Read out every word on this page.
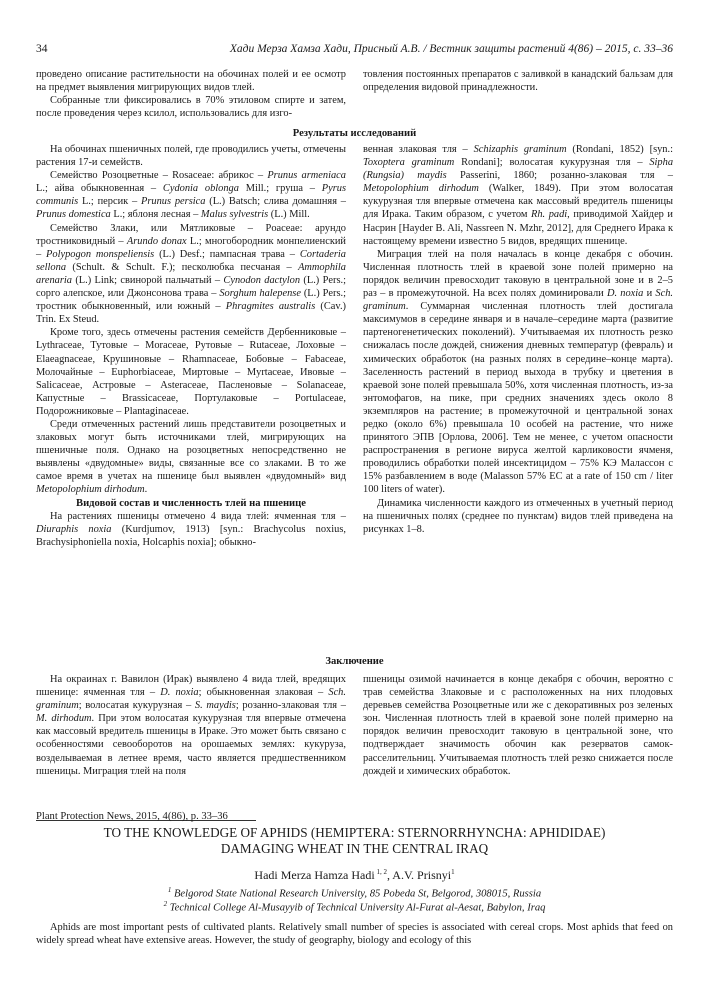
34	Хади Мерза Хамза Хади, Присный А.В. / Вестник защиты растений 4(86) – 2015, с. 33–36

проведено описание растительности на обочинах полей и ее осмотр на предмет выявления мигрирующих видов тлей.

Собранные тли фиксировались в 70% этиловом спирте и затем, после проведения через ксилол, использовались для изго-

товления постоянных препаратов с заливкой в канадский бальзам для определения видовой принадлежности.

Результаты исследований

На обочинах пшеничных полей, где проводились учеты, отмечены растения 17-и семейств.

Семейство Розоцветные – Rosaceae: абрикос – Prunus armeniaca L.; айва обыкновенная – Cydonia oblonga Mill.; груша – Pyrus communis L.; персик – Prunus persica (L.) Batsch; слива домашняя – Prunus domestica L.; яблоня лесная – Malus sylvestris (L.) Mill.

Семейство Злаки, или Мятликовые – Poaceae: арундо тростниковидный – Arundo donax L.; многобородник монпелиенский – Polypogon monspeliensis (L.) Desf.; пампасная трава – Cortaderia sellona (Schult. & Schult. F.); песколюбка песчаная – Ammophila arenaria (L.) Link; свинорой пальчатый – Cynodon dactylon (L.) Pers.; сорго алепское, или Джонсонова трава – Sorghum halepense (L.) Pers.; тростник обыкновенный, или южный – Phragmites australis (Cav.) Trin. Ex Steud.

Кроме того, здесь отмечены растения семейств Дербенниковые – Lythraceae, Тутовые – Moraceae, Рутовые – Rutaceae, Лоховые – Elaeagnaceae, Крушиновые – Rhamnaceae, Бобовые – Fabaceae, Молочайные – Euphorbiaceae, Миртовые – Myrtaceae, Ивовые – Salicaceae, Астровые – Asteraceae, Пасленовые – Solanaceae, Капустные – Brassicaceae, Портулаковые – Portulaceae, Подорожниковые – Plantaginaceae.

Среди отмеченных растений лишь представители розоцветных и злаковых могут быть источниками тлей, мигрирующих на пшеничные поля. Однако на розоцветных непосредственно не выявлены «двудомные» виды, связанные все со злаками. В то же самое время в учетах на пшенице был выявлен «двудомный» вид Metopolophium dirhodum.

Видовой состав и численность тлей на пшенице

На растениях пшеницы отмечено 4 вида тлей: ячменная тля –Diuraphis noxia (Kurdjumov, 1913) [syn.: Brachycolus noxius, Brachysiphoniella noxia, Holcaphis noxia]; обыкно-

венная злаковая тля – Schizaphis graminum (Rondani, 1852) [syn.: Toxoptera graminum Rondani]; волосатая кукурузная тля – Sipha (Rungsia) maydis Passerini, 1860; розанно-злаковая тля – Metopolophium dirhodum (Walker, 1849). При этом волосатая кукурузная тля впервые отмечена как массовый вредитель пшеницы для Ирака. Таким образом, с учетом Rh. padi, приводимой Хайдер и Насрин [Hayder B. Ali, Nassreen N. Mzhr, 2012], для Среднего Ирака к настоящему времени известно 5 видов, вредящих пшенице.

Миграция тлей на поля началась в конце декабря с обочин. Численная плотность тлей в краевой зоне полей примерно на порядок величин превосходит таковую в центральной зоне и в 2–5 раз – в промежуточной. На всех полях доминировали D. noxia и Sch. graminum. Суммарная численная плотность тлей достигала максимумов в середине января и в начале–середине марта (развитие партеногенетических поколений). Учитываемая их плотность резко снижалась после дождей, снижения дневных температур (февраль) и химических обработок (на разных полях в середине–конце марта). Заселенность растений в период выхода в трубку и цветения в краевой зоне полей превышала 50%, хотя численная плотность, из-за энтомофагов, на пике, при средних значениях здесь около 8 экземпляров на растение; в промежуточной и центральной зонах редко (около 6%) превышала 10 особей на растение, что ниже принятого ЭПВ [Орлова, 2006]. Тем не менее, с учетом опасности распространения в регионе вируса желтой карликовости ячменя, проводились обработки полей инсектицидом – 75% КЭ Малассон с 15% разбавлением в воде (Malasson 57% EC at a rate of 150 cm / liter 100 liters of water).

Динамика численности каждого из отмеченных в учетный период на пшеничных полях (среднее по пунктам) видов тлей приведена на рисунках 1–8.

Заключение

На окраинах г. Вавилон (Ирак) выявлено 4 вида тлей, вредящих пшенице: ячменная тля – D. noxia; обыкновенная злаковая – Sch. graminum; волосатая кукурузная – S. maydis; розанно-злаковая тля – M. dirhodum. При этом волосатая кукурузная тля впервые отмечена как массовый вредитель пшеницы в Ираке. Это может быть связано с особенностями севооборотов на орошаемых землях: кукуруза, возделываемая в летнее время, часто является предшественником пшеницы. Миграция тлей на поля

пшеницы озимой начинается в конце декабря с обочин, вероятно с трав семейства Злаковые и с расположенных на них плодовых деревьев семейства Розоцветные или же с декоративных роз зеленых зон. Численная плотность тлей в краевой зоне полей примерно на порядок величин превосходит таковую в центральной зоне, что подтверждает значимость обочин как резерватов самок-расселительниц. Учитываемая плотность тлей резко снижается после дождей и химических обработок.

Plant Protection News, 2015, 4(86), p. 33–36
TO THE KNOWLEDGE OF APHIDS (HEMIPTERA: STERNORRHYNCHA: APHIDIDAE)
DAMAGING WHEAT IN THE CENTRAL IRAQ
Hadi Merza Hamza Hadi $^{1, 2}$, A.V. Prisnyi$^1$
$^1$ Belgorod State National Research University, 85 Pobeda St, Belgorod, 308015, Russia
$^2$ Technical College Al-Musayyib of Technical University Al-Furat al-Aesat, Babylon, Iraq
Aphids are most important pests of cultivated plants. Relatively small number of species is associated with cereal crops. Most aphids that feed on widely spread wheat have extensive areas. However, the study of geography, biology and ecology of this
